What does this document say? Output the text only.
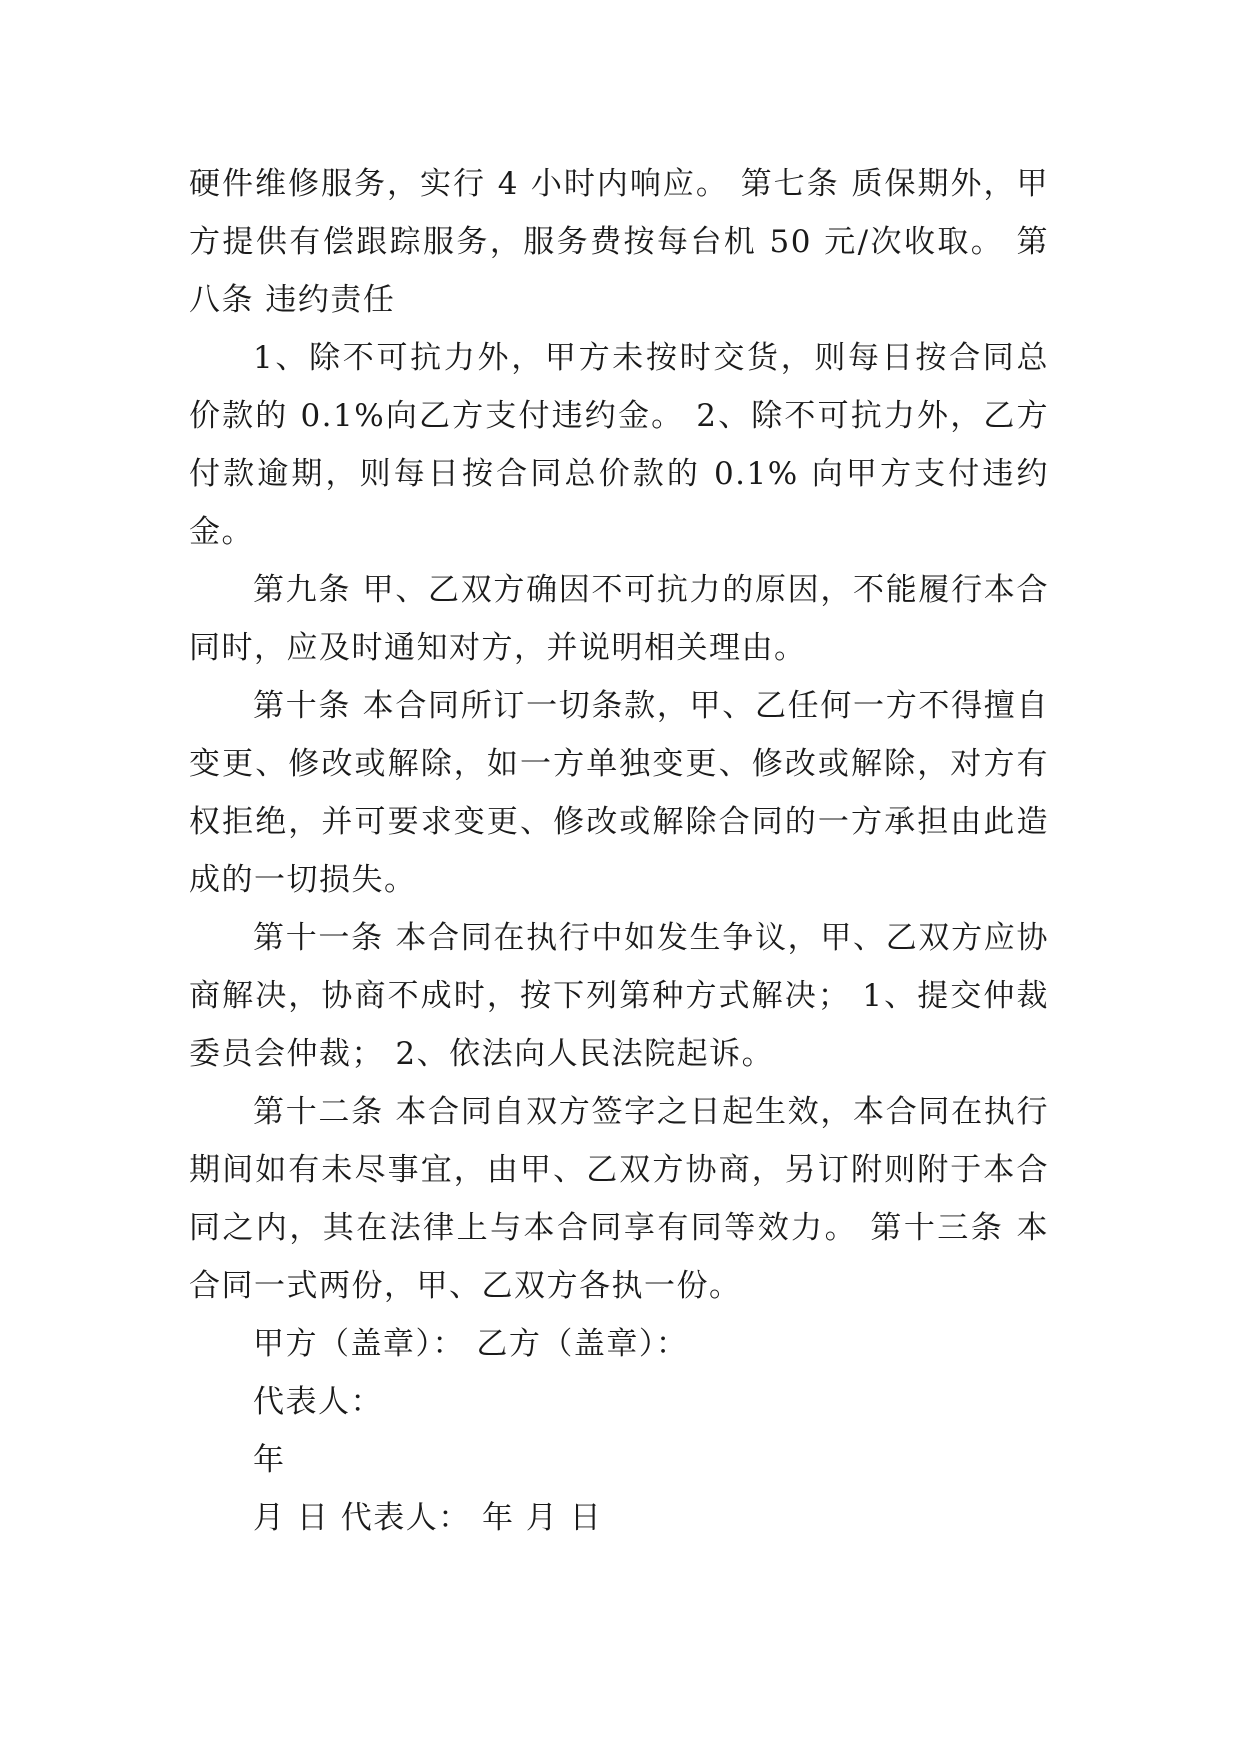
硬件维修服务，实行 4 小时内响应。 第七条 质保期外，甲方提供有偿跟踪服务，服务费按每台机 50 元/次收取。 第八条 违约责任

1、除不可抗力外，甲方未按时交货，则每日按合同总价款的 0.1%向乙方支付违约金。 2、除不可抗力外，乙方付款逾期，则每日按合同总价款的 0.1% 向甲方支付违约金。

第九条 甲、乙双方确因不可抗力的原因，不能履行本合同时，应及时通知对方，并说明相关理由。

第十条 本合同所订一切条款，甲、乙任何一方不得擅自变更、修改或解除，如一方单独变更、修改或解除，对方有权拒绝，并可要求变更、修改或解除合同的一方承担由此造成的一切损失。

第十一条 本合同在执行中如发生争议，甲、乙双方应协商解决，协商不成时，按下列第种方式解决； 1、提交仲裁委员会仲裁； 2、依法向人民法院起诉。

第十二条 本合同自双方签字之日起生效，本合同在执行期间如有未尽事宜，由甲、乙双方协商，另订附则附于本合同之内，其在法律上与本合同享有同等效力。 第十三条 本合同一式两份，甲、乙双方各执一份。

甲方（盖章）： 乙方（盖章）：

代表人：

年

月 日 代表人： 年 月 日
